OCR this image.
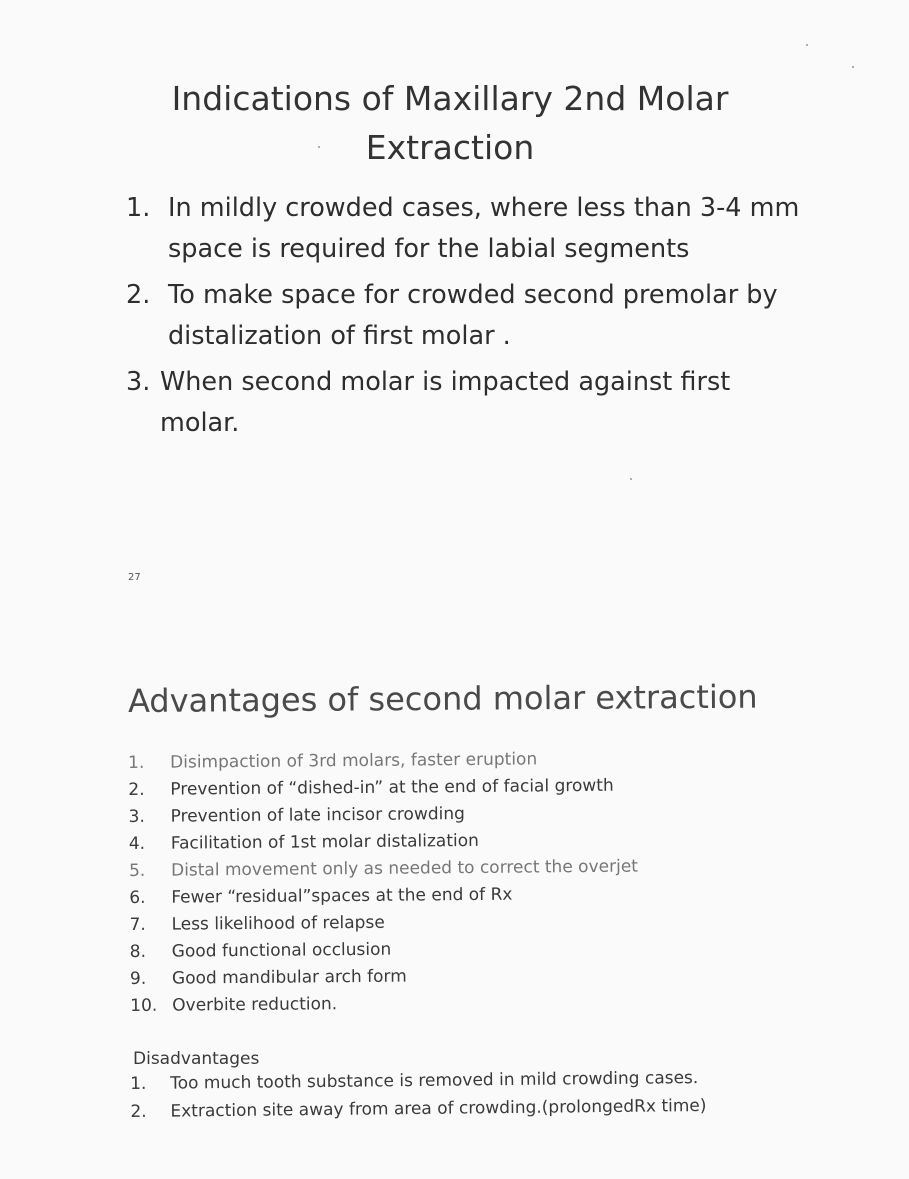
Indications of Maxillary 2nd Molar
Extraction
1. In mildly crowded cases, where less than 3-4 mm space is required for the labial segments
2. To make space for crowded second premolar by distalization of first molar .
3. When second molar is impacted against first molar.
27
Advantages of second molar extraction
1.	Disimpaction of 3rd molars, faster eruption
2.	Prevention of “dished-in” at the end of facial growth
3.	Prevention of late incisor crowding
4.	Facilitation of 1st molar distalization
5.	Distal movement only as needed to correct the overjet
6.	Fewer “residual”spaces at the end of Rx
7.	Less likelihood of relapse
8.	Good functional occlusion
9.	Good mandibular arch form
10. Overbite reduction.
Disadvantages
1.	Too much tooth substance is removed in mild crowding cases.
2.	Extraction site away from area of crowding.(prolongedRx time)
